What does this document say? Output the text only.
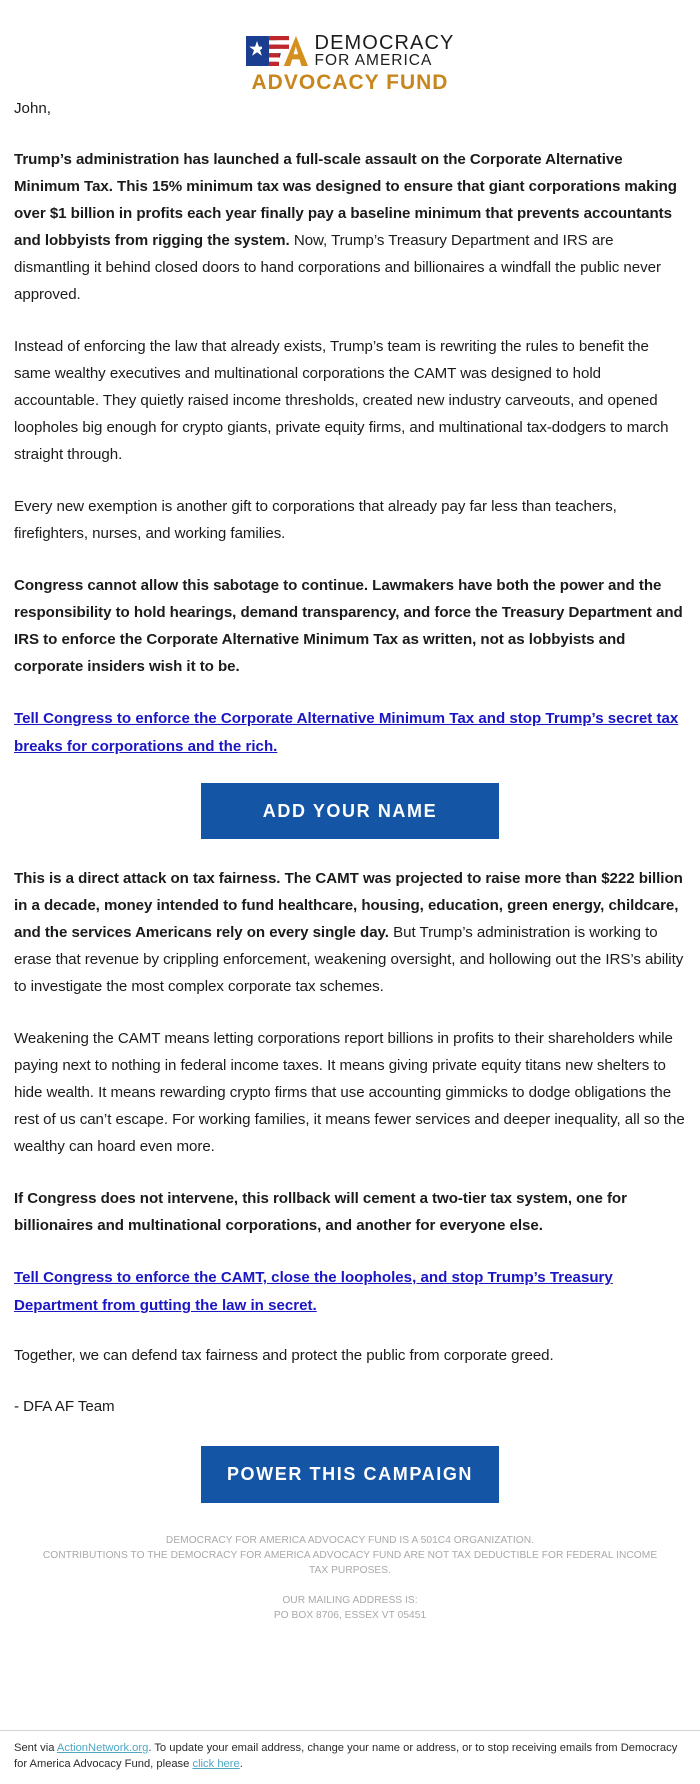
DEMOCRACY
FOR AMERICA
ADVOCACY FUND

John,

Trump’s administration has launched a full-scale assault on the Corporate Alternative Minimum Tax. This 15% minimum tax was designed to ensure that giant corporations making over $1 billion in profits each year finally pay a baseline minimum that prevents accountants and lobbyists from rigging the system. Now, Trump’s Treasury Department and IRS are dismantling it behind closed doors to hand corporations and billionaires a windfall the public never approved.

Instead of enforcing the law that already exists, Trump’s team is rewriting the rules to benefit the same wealthy executives and multinational corporations the CAMT was designed to hold accountable. They quietly raised income thresholds, created new industry carveouts, and opened loopholes big enough for crypto giants, private equity firms, and multinational tax-dodgers to march straight through.

Every new exemption is another gift to corporations that already pay far less than teachers, firefighters, nurses, and working families.

Congress cannot allow this sabotage to continue. Lawmakers have both the power and the responsibility to hold hearings, demand transparency, and force the Treasury Department and IRS to enforce the Corporate Alternative Minimum Tax as written, not as lobbyists and corporate insiders wish it to be.

Tell Congress to enforce the Corporate Alternative Minimum Tax and stop Trump’s secret tax breaks for corporations and the rich.

ADD YOUR NAME

This is a direct attack on tax fairness. The CAMT was projected to raise more than $222 billion in a decade, money intended to fund healthcare, housing, education, green energy, childcare, and the services Americans rely on every single day. But Trump’s administration is working to erase that revenue by crippling enforcement, weakening oversight, and hollowing out the IRS’s ability to investigate the most complex corporate tax schemes.

Weakening the CAMT means letting corporations report billions in profits to their shareholders while paying next to nothing in federal income taxes. It means giving private equity titans new shelters to hide wealth. It means rewarding crypto firms that use accounting gimmicks to dodge obligations the rest of us can’t escape. For working families, it means fewer services and deeper inequality, all so the wealthy can hoard even more.

If Congress does not intervene, this rollback will cement a two-tier tax system, one for billionaires and multinational corporations, and another for everyone else.

Tell Congress to enforce the CAMT, close the loopholes, and stop Trump’s Treasury Department from gutting the law in secret.

Together, we can defend tax fairness and protect the public from corporate greed.

- DFA AF Team

POWER THIS CAMPAIGN

DEMOCRACY FOR AMERICA ADVOCACY FUND IS A 501C4 ORGANIZATION.

CONTRIBUTIONS TO THE DEMOCRACY FOR AMERICA ADVOCACY FUND ARE NOT TAX DEDUCTIBLE FOR FEDERAL INCOME TAX PURPOSES.

OUR MAILING ADDRESS IS:

PO BOX 8706, ESSEX VT 05451

Sent via ActionNetwork.org. To update your email address, change your name or address, or to stop receiving emails from Democracy for America Advocacy Fund, please click here.
